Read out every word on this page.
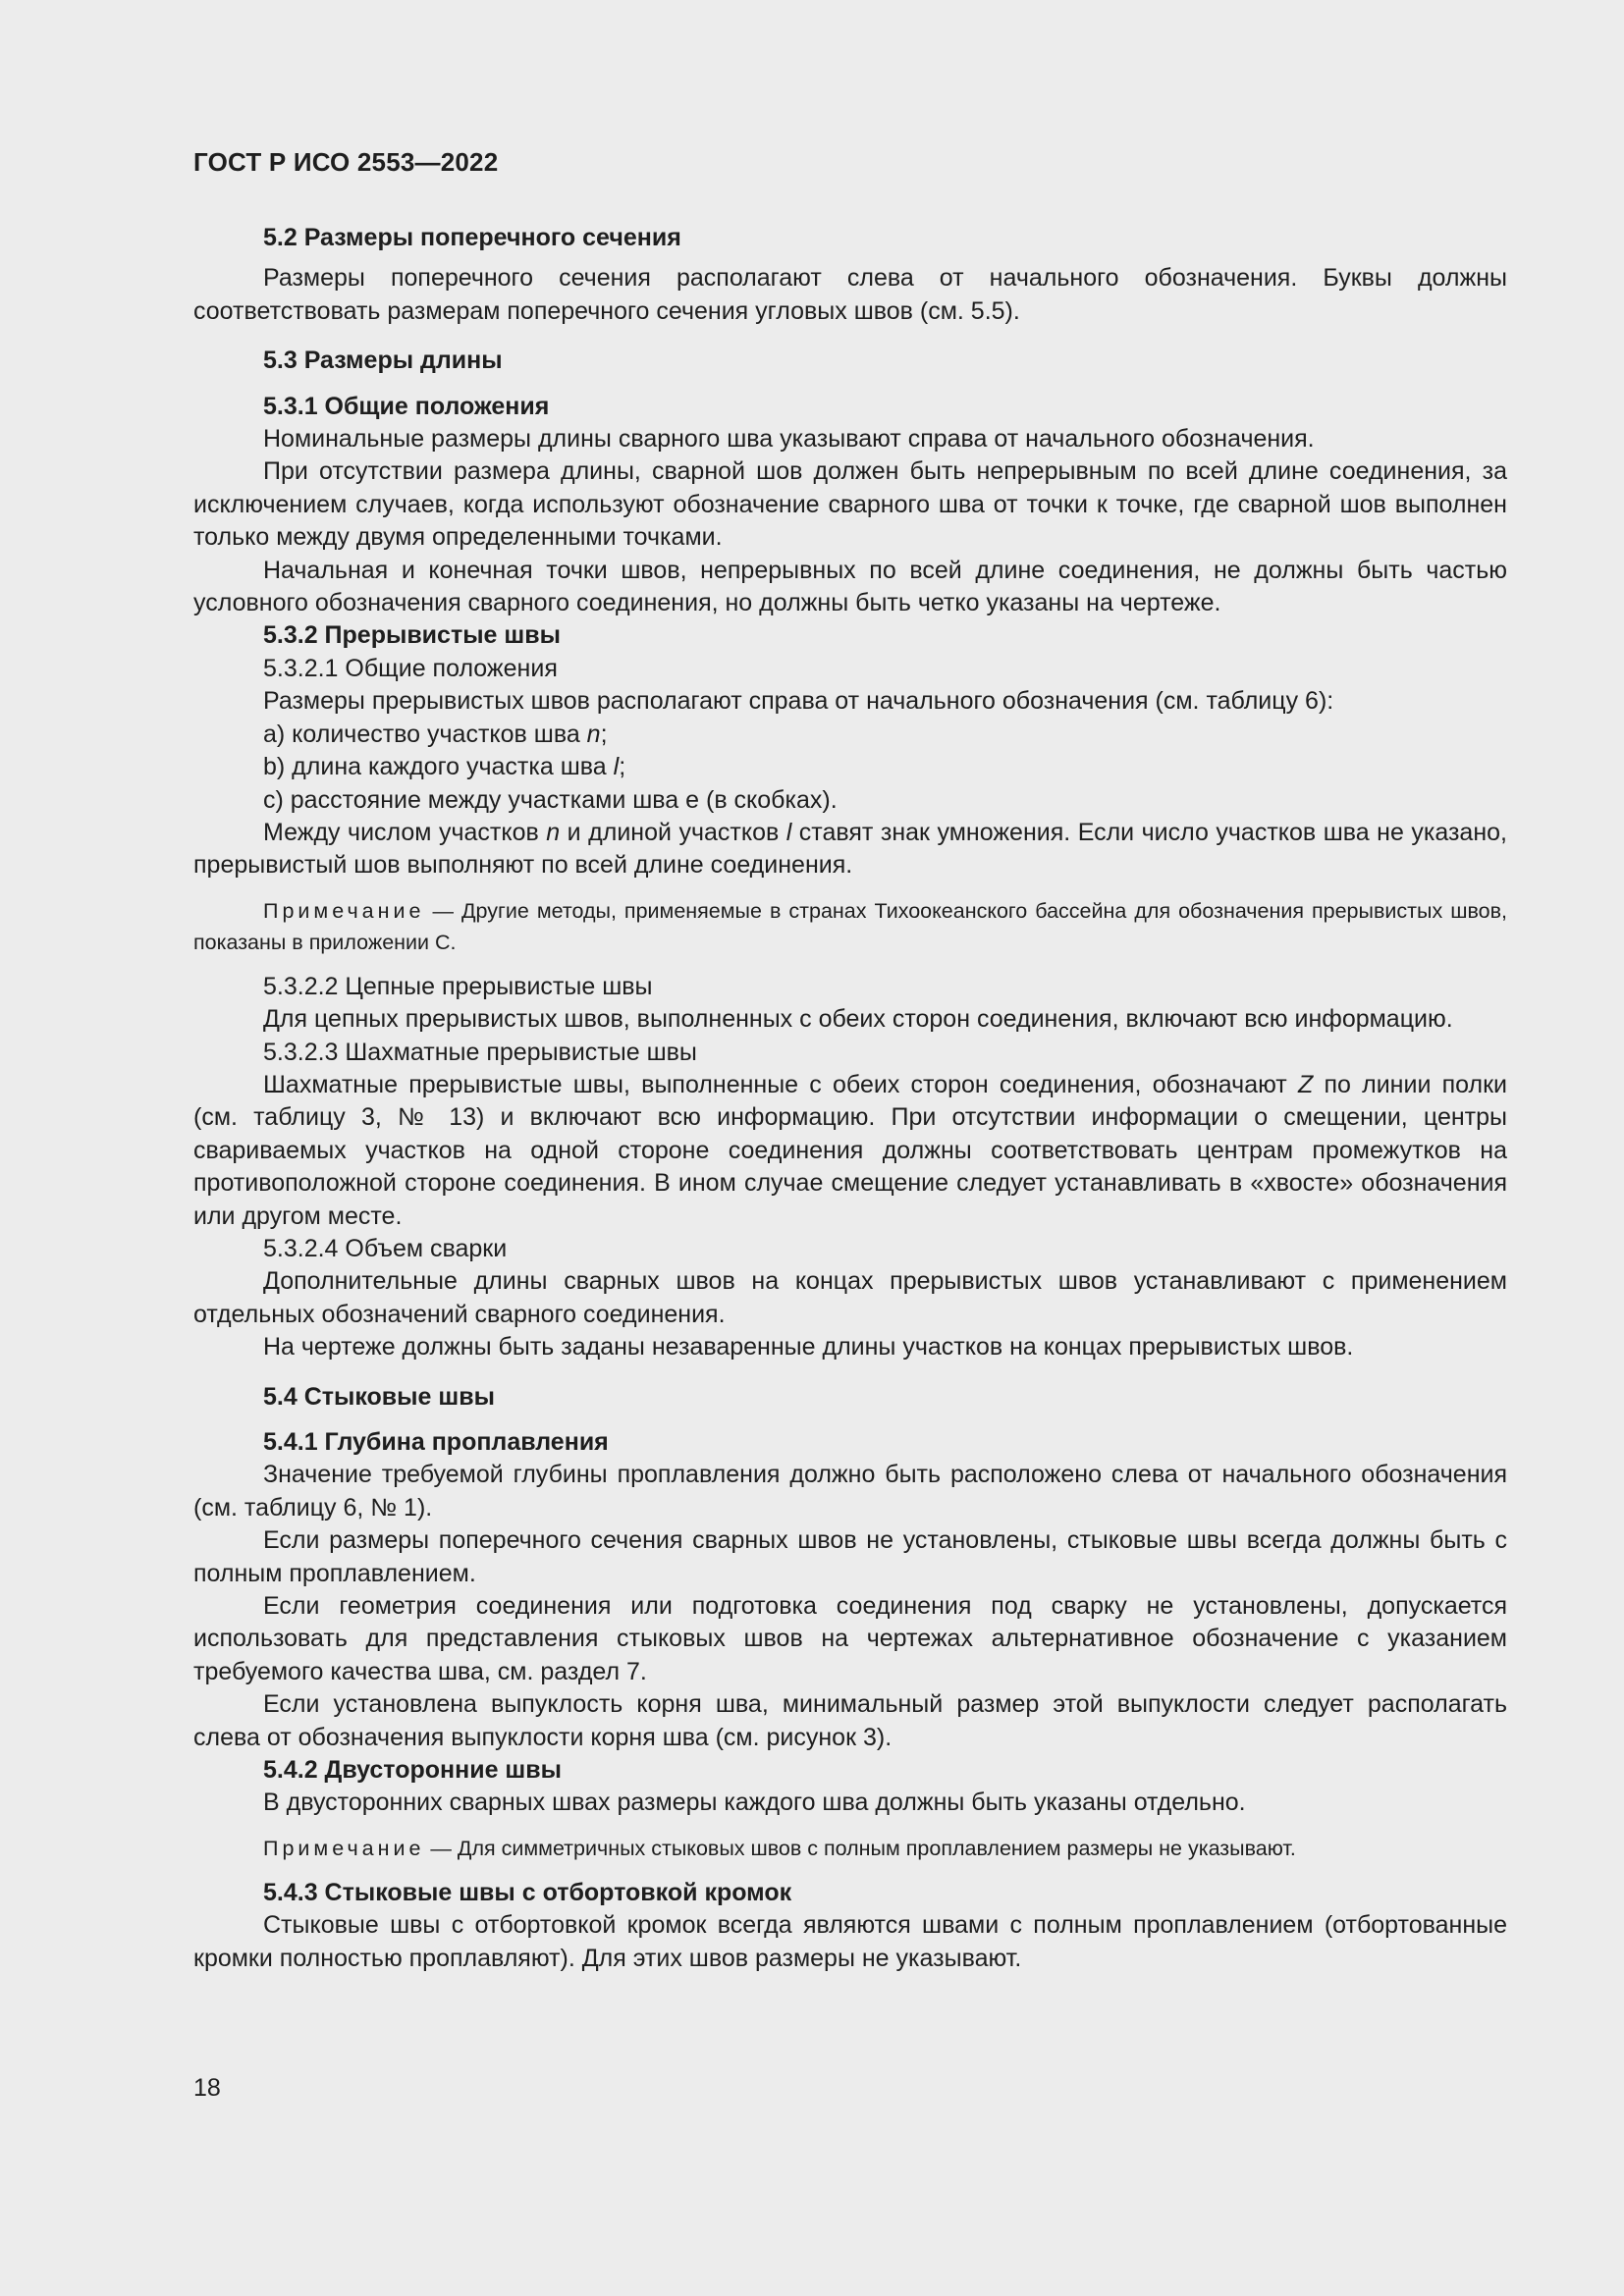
ГОСТ Р ИСО 2553—2022

5.2 Размеры поперечного сечения

Размеры поперечного сечения располагают слева от начального обозначения. Буквы должны соответствовать размерам поперечного сечения угловых швов (см. 5.5).

5.3 Размеры длины

5.3.1 Общие положения

Номинальные размеры длины сварного шва указывают справа от начального обозначения.

При отсутствии размера длины, сварной шов должен быть непрерывным по всей длине соединения, за исключением случаев, когда используют обозначение сварного шва от точки к точке, где сварной шов выполнен только между двумя определенными точками.

Начальная и конечная точки швов, непрерывных по всей длине соединения, не должны быть частью условного обозначения сварного соединения, но должны быть четко указаны на чертеже.

5.3.2 Прерывистые швы

5.3.2.1 Общие положения

Размеры прерывистых швов располагают справа от начального обозначения (см. таблицу 6):

a) количество участков шва n;

b) длина каждого участка шва l;

c) расстояние между участками шва e (в скобках).

Между числом участков n и длиной участков l ставят знак умножения. Если число участков шва не указано, прерывистый шов выполняют по всей длине соединения.

Примечание — Другие методы, применяемые в странах Тихоокеанского бассейна для обозначения прерывистых швов, показаны в приложении С.

5.3.2.2 Цепные прерывистые швы

Для цепных прерывистых швов, выполненных с обеих сторон соединения, включают всю информацию.

5.3.2.3 Шахматные прерывистые швы

Шахматные прерывистые швы, выполненные с обеих сторон соединения, обозначают Z по линии полки (см. таблицу 3, № 13) и включают всю информацию. При отсутствии информации о смещении, центры свариваемых участков на одной стороне соединения должны соответствовать центрам промежутков на противоположной стороне соединения. В ином случае смещение следует устанавливать в «хвосте» обозначения или другом месте.

5.3.2.4 Объем сварки

Дополнительные длины сварных швов на концах прерывистых швов устанавливают с применением отдельных обозначений сварного соединения.

На чертеже должны быть заданы незаваренные длины участков на концах прерывистых швов.

5.4 Стыковые швы

5.4.1 Глубина проплавления

Значение требуемой глубины проплавления должно быть расположено слева от начального обозначения (см. таблицу 6, № 1).

Если размеры поперечного сечения сварных швов не установлены, стыковые швы всегда должны быть с полным проплавлением.

Если геометрия соединения или подготовка соединения под сварку не установлены, допускается использовать для представления стыковых швов на чертежах альтернативное обозначение с указанием требуемого качества шва, см. раздел 7.

Если установлена выпуклость корня шва, минимальный размер этой выпуклости следует располагать слева от обозначения выпуклости корня шва (см. рисунок 3).

5.4.2 Двусторонние швы

В двусторонних сварных швах размеры каждого шва должны быть указаны отдельно.

Примечание — Для симметричных стыковых швов с полным проплавлением размеры не указывают.

5.4.3 Стыковые швы с отбортовкой кромок

Стыковые швы с отбортовкой кромок всегда являются швами с полным проплавлением (отбортованные кромки полностью проплавляют). Для этих швов размеры не указывают.

18
